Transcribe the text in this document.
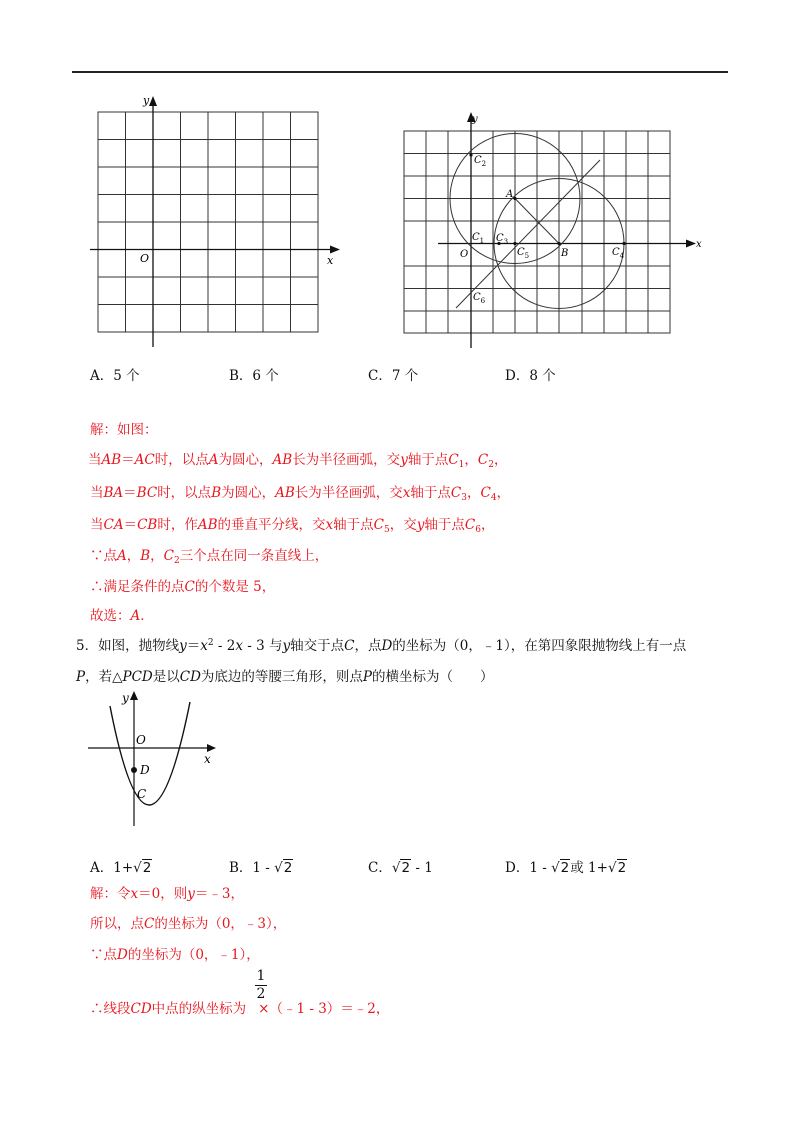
y
x
O
y
x
O
A
B
$C_2$
$C_1$ $C_3$
$C_5$	$C_4$
$C_6$
A．5 个	B．6 个	C．7 个	D．8 个
解：如图：
当AB＝AC时，以点A为圆心，AB长为半径画弧，交y轴于点$C_1$，$C_2$，
当BA＝BC时，以点B为圆心，AB长为半径画弧，交x轴于点$C_3$，$C_4$，
当CA＝CB时，作AB的垂直平分线，交x轴于点$C_5$，交y轴于点$C_6$，
∵点A，B，$C_2$三个点在同一条直线上，
∴满足条件的点C的个数是 5，
故选：A．
5．如图，抛物线$y=x^2 - 2x - 3$ 与y轴交于点C，点D的坐标为（0，﹣1），在第四象限抛物线上有一点
P，若△PCD是以CD为底边的等腰三角形，则点P的横坐标为（　　）
y
x
O
D
C
A．1+√2	B．1 - √2	C．√2 - 1	D．1 - √2或 1+√2
解：令x＝0，则y＝﹣3，
所以，点C的坐标为（0，﹣3），
∵点D的坐标为（0，﹣1），
∴线段CD中点的纵坐标为 ×（﹣1 - 3）＝﹣2，
$\frac{1}{2}$
